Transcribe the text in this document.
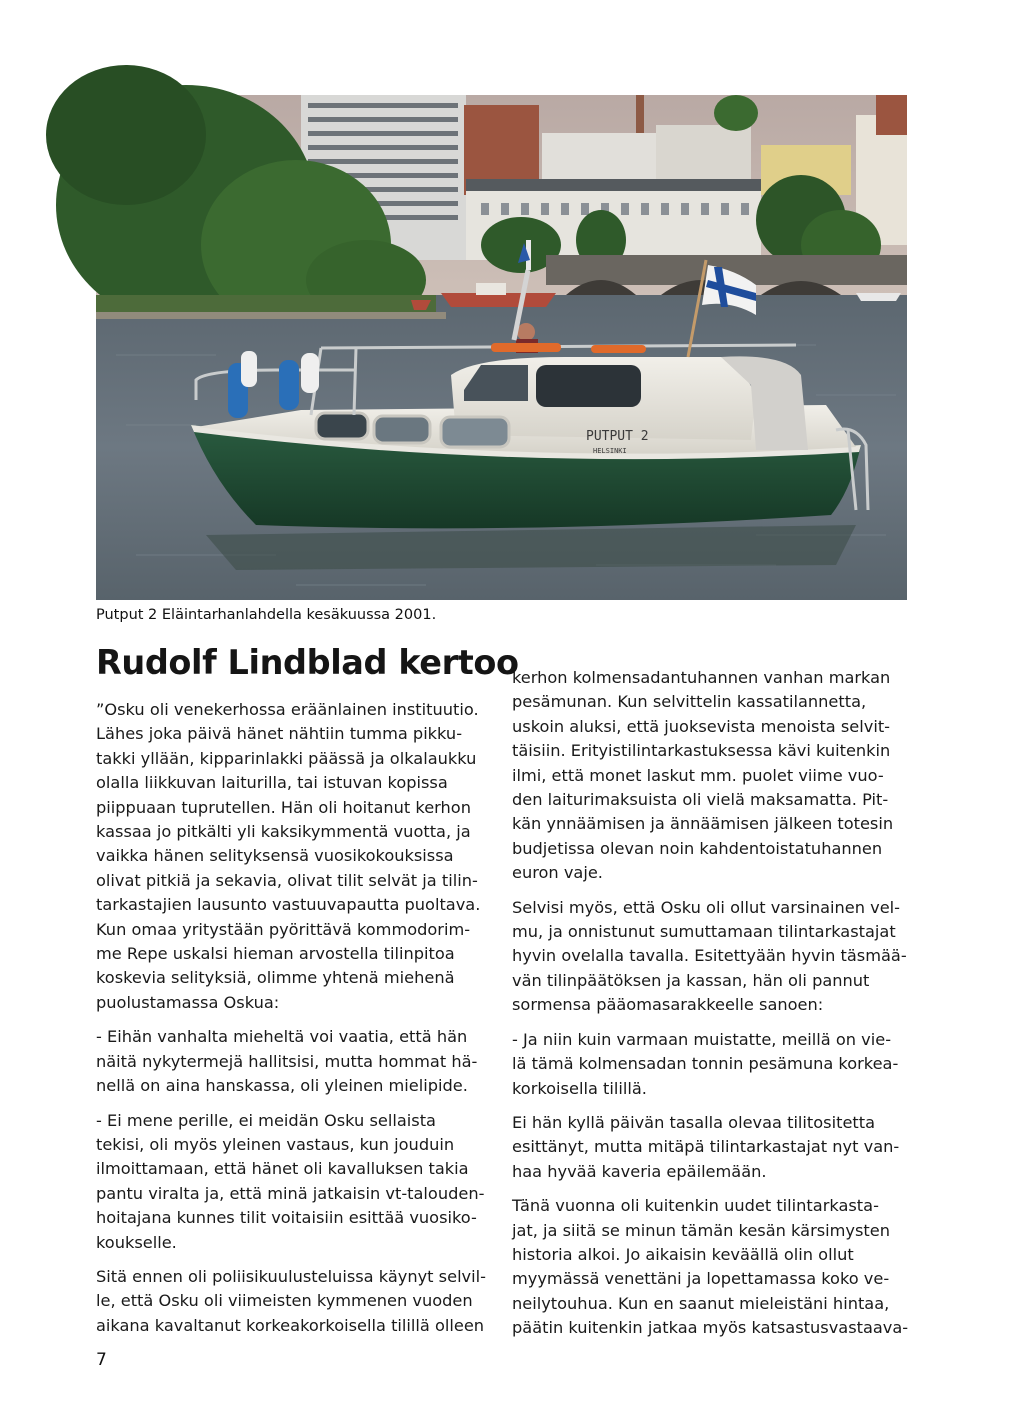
PUTPUT 2
HELSINKI
Juha Virtanen/ Kippari
Putput 2 Eläintarhanlahdella kesäkuussa 2001.
Rudolf Lindblad kertoo

”Osku oli venekerhossa eräänlainen instituutio.
Lähes joka päivä hänet nähtiin tumma pikku-
takki yllään, kipparinlakki päässä ja olkalaukku
olalla liikkuvan laiturilla, tai istuvan kopissa
piippuaan tuprutellen. Hän oli hoitanut kerhon
kassaa jo pitkälti yli kaksikymmentä vuotta, ja
vaikka hänen selityksensä vuosikokouksissa
olivat pitkiä ja sekavia, olivat tilit selvät ja tilin-
tarkastajien lausunto vastuuvapautta puoltava.
Kun omaa yritystään pyörittävä kommodorim-
me Repe uskalsi hieman arvostella tilinpitoa
koskevia selityksiä, olimme yhtenä miehenä
puolustamassa Oskua:

- Eihän vanhalta mieheltä voi vaatia, että hän
näitä nykytermejä hallitsisi, mutta hommat hä-
nellä on aina hanskassa, oli yleinen mielipide.

- Ei mene perille, ei meidän Osku sellaista
tekisi, oli myös yleinen vastaus, kun jouduin
ilmoittamaan, että hänet oli kavalluksen takia
pantu viralta ja, että minä jatkaisin vt-talouden-
hoitajana kunnes tilit voitaisiin esittää vuosiko-
koukselle.

Sitä ennen oli poliisikuulusteluissa käynyt selvil-
le, että Osku oli viimeisten kymmenen vuoden
aikana kavaltanut korkeakorkoisella tilillä olleen

kerhon kolmensadantuhannen vanhan markan
pesämunan. Kun selvittelin kassatilannetta,
uskoin aluksi, että juoksevista menoista selvit-
täisiin. Erityistilintarkastuksessa kävi kuitenkin
ilmi, että monet laskut mm. puolet viime vuo-
den laiturimaksuista oli vielä maksamatta. Pit-
kän ynnäämisen ja ännäämisen jälkeen totesin
budjetissa olevan noin kahdentoistatuhannen
euron vaje.

Selvisi myös, että Osku oli ollut varsinainen vel-
mu, ja onnistunut sumuttamaan tilintarkastajat
hyvin ovelalla tavalla. Esitettyään hyvin täsmää-
vän tilinpäätöksen ja kassan, hän oli pannut
sormensa pääomasarakkeelle sanoen:

- Ja niin kuin varmaan muistatte, meillä on vie-
lä tämä kolmensadan tonnin pesämuna korkea-
korkoisella tilillä.

Ei hän kyllä päivän tasalla olevaa tilitositetta
esittänyt, mutta mitäpä tilintarkastajat nyt van-
haa hyvää kaveria epäilemään.

Tänä vuonna oli kuitenkin uudet tilintarkasta-
jat, ja siitä se minun tämän kesän kärsimysten
historia alkoi. Jo aikaisin keväällä olin ollut
myymässä venettäni ja lopettamassa koko ve-
neilytouhua. Kun en saanut mieleistäni hintaa,
päätin kuitenkin jatkaa myös katsastusvastaava-

7
